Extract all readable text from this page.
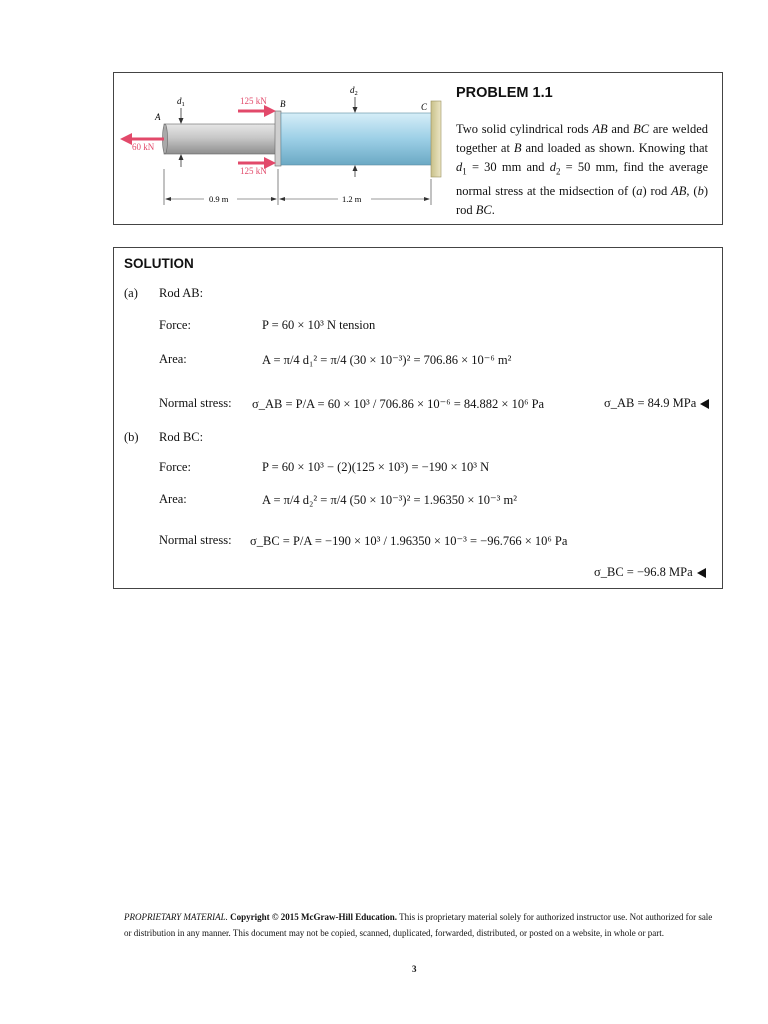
60 kN
125 kN
125 kN
A
B	C
$d_1$
$d_2$
0.9 m	1.2 m
PROBLEM 1.1
Two solid cylindrical rods AB and BC are welded together at B and loaded as shown. Knowing that $d_1 = 30$ mm and $d_2 = 50$ mm, find the average normal stress at the midsection of (a) rod AB, (b) rod BC.
SOLUTION
(a) Rod AB:
Force:	P = 60 × 10³ N tension
Area:	A = π/4 d₁² = π/4 (30 × 10⁻³)² = 706.86 × 10⁻⁶ m²
Normal stress: σ_AB = P/A = 60 × 10³ / 706.86 × 10⁻⁶ = 84.882 × 10⁶ Pa	σ_AB = 84.9 MPa
(b) Rod BC:
Force:	P = 60 × 10³ − (2)(125 × 10³) = −190 × 10³ N
Area:	A = π/4 d₂² = π/4 (50 × 10⁻³)² = 1.96350 × 10⁻³ m²
Normal stress: σ_BC = P/A = −190 × 10³ / 1.96350 × 10⁻³ = −96.766 × 10⁶ Pa
σ_BC = −96.8 MPa
PROPRIETARY MATERIAL. Copyright © 2015 McGraw-Hill Education. This is proprietary material solely for authorized instructor use. Not authorized for sale or distribution in any manner. This document may not be copied, scanned, duplicated, forwarded, distributed, or posted on a website, in whole or part.
3
